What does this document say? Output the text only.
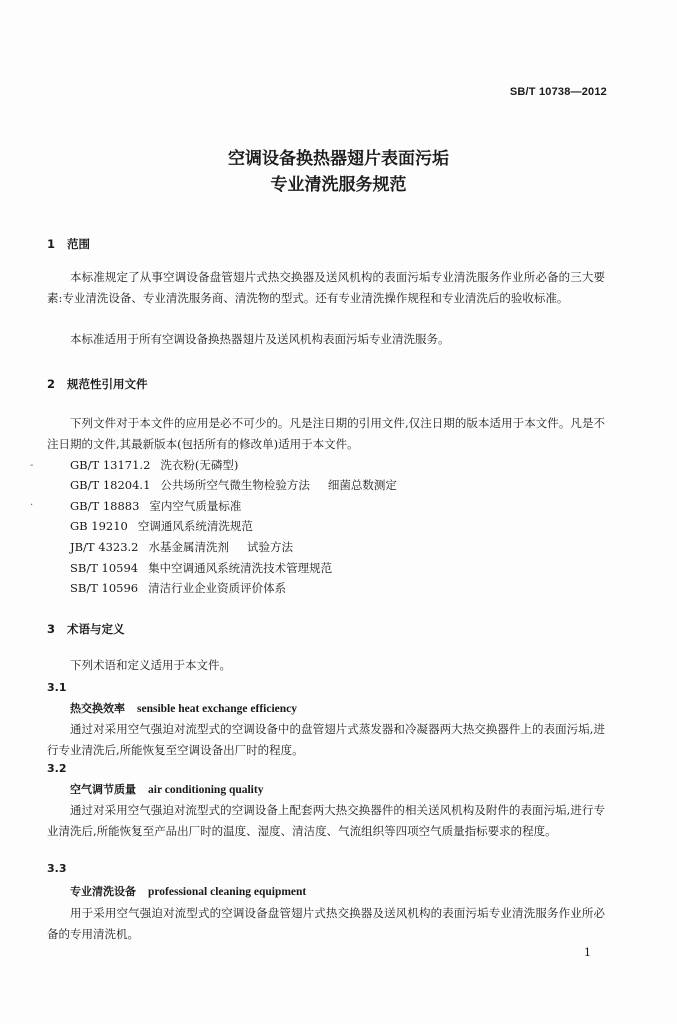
SB/T 10738—2012
空调设备换热器翅片表面污垢
专业清洗服务规范
1 范围
本标准规定了从事空调设备盘管翅片式热交换器及送风机构的表面污垢专业清洗服务作业所必备的三大要素:专业清洗设备、专业清洗服务商、清洗物的型式。还有专业清洗操作规程和专业清洗后的验收标准。
本标准适用于所有空调设备换热器翅片及送风机构表面污垢专业清洗服务。
2 规范性引用文件
下列文件对于本文件的应用是必不可少的。凡是注日期的引用文件,仅注日期的版本适用于本文件。凡是不注日期的文件,其最新版本(包括所有的修改单)适用于本文件。
GB/T 13171.2 洗衣粉(无磷型)
GB/T 18204.1 公共场所空气微生物检验方法 细菌总数测定
GB/T 18883 室内空气质量标准
GB 19210 空调通风系统清洗规范
JB/T 4323.2 水基金属清洗剂 试验方法
SB/T 10594 集中空调通风系统清洗技术管理规范
SB/T 10596 清洁行业企业资质评价体系
3 术语与定义
下列术语和定义适用于本文件。
3.1
热交换效率 sensible heat exchange efficiency
通过对采用空气强迫对流型式的空调设备中的盘管翅片式蒸发器和冷凝器两大热交换器件上的表面污垢,进行专业清洗后,所能恢复至空调设备出厂时的程度。
3.2
空气调节质量 air conditioning quality
通过对采用空气强迫对流型式的空调设备上配套两大热交换器件的相关送风机构及附件的表面污垢,进行专业清洗后,所能恢复至产品出厂时的温度、湿度、清洁度、气流组织等四项空气质量指标要求的程度。
3.3
专业清洗设备 professional cleaning equipment
用于采用空气强迫对流型式的空调设备盘管翅片式热交换器及送风机构的表面污垢专业清洗服务作业所必备的专用清洗机。
1
-
·
